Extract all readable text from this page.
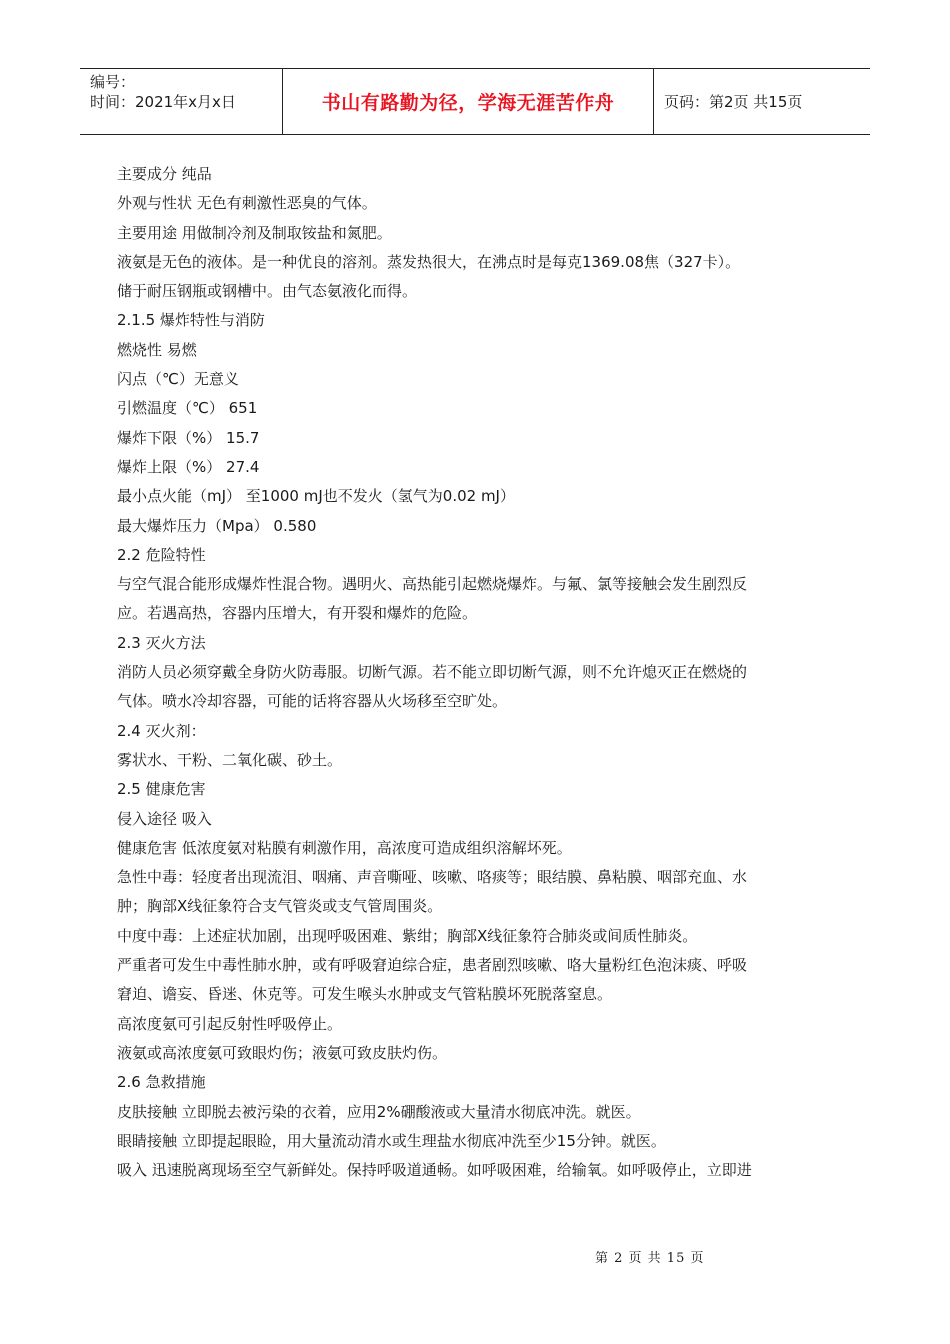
编号：
时间：2021年x月x日	书山有路勤为径，学海无涯苦作舟	页码：第2页 共15页
主要成分 纯品
外观与性状 无色有刺激性恶臭的气体。
主要用途 用做制冷剂及制取铵盐和氮肥。
液氨是无色的液体。是一种优良的溶剂。蒸发热很大，在沸点时是每克1369.08焦（327卡）。
储于耐压钢瓶或钢槽中。由气态氨液化而得。
2.1.5 爆炸特性与消防
燃烧性 易燃
闪点（℃）无意义
引燃温度（℃） 651
爆炸下限（%） 15.7
爆炸上限（%） 27.4
最小点火能（mJ） 至1000 mJ也不发火（氢气为0.02 mJ）
最大爆炸压力（Mpa） 0.580
2.2 危险特性
与空气混合能形成爆炸性混合物。遇明火、高热能引起燃烧爆炸。与氟、氯等接触会发生剧烈反
应。若遇高热，容器内压增大，有开裂和爆炸的危险。
2.3 灭火方法
消防人员必须穿戴全身防火防毒服。切断气源。若不能立即切断气源，则不允许熄灭正在燃烧的
气体。喷水冷却容器，可能的话将容器从火场移至空旷处。
2.4 灭火剂：
雾状水、干粉、二氧化碳、砂土。
2.5 健康危害
侵入途径 吸入
健康危害 低浓度氨对粘膜有刺激作用，高浓度可造成组织溶解坏死。
急性中毒：轻度者出现流泪、咽痛、声音嘶哑、咳嗽、咯痰等；眼结膜、鼻粘膜、咽部充血、水
肿；胸部X线征象符合支气管炎或支气管周围炎。
中度中毒：上述症状加剧，出现呼吸困难、紫绀；胸部X线征象符合肺炎或间质性肺炎。
严重者可发生中毒性肺水肿，或有呼吸窘迫综合症，患者剧烈咳嗽、咯大量粉红色泡沫痰、呼吸
窘迫、谵妄、昏迷、休克等。可发生喉头水肿或支气管粘膜坏死脱落窒息。
高浓度氨可引起反射性呼吸停止。
液氨或高浓度氨可致眼灼伤；液氨可致皮肤灼伤。
2.6 急救措施
皮肤接触 立即脱去被污染的衣着，应用2%硼酸液或大量清水彻底冲洗。就医。
眼睛接触 立即提起眼睑，用大量流动清水或生理盐水彻底冲洗至少15分钟。就医。
吸入 迅速脱离现场至空气新鲜处。保持呼吸道通畅。如呼吸困难，给输氧。如呼吸停止，立即进
第 2 页 共 15 页
